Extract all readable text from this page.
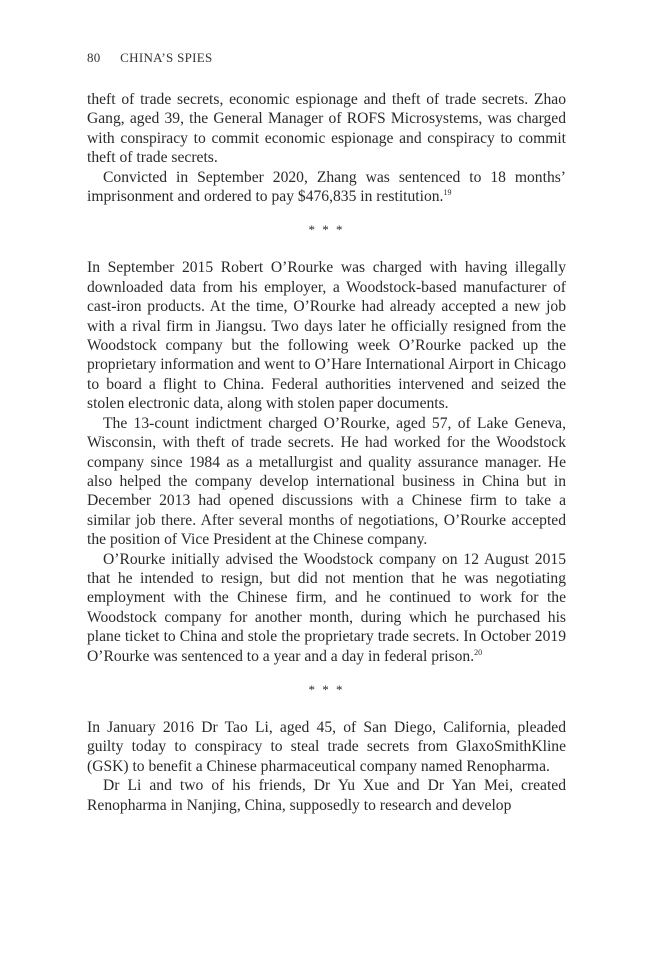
80 CHINA’S SPIES

theft of trade secrets, economic espionage and theft of trade secrets. Zhao Gang, aged 39, the General Manager of ROFS Microsystems, was charged with conspiracy to commit economic espionage and conspiracy to commit theft of trade secrets.

Convicted in September 2020, Zhang was sentenced to 18 months’ imprisonment and ordered to pay $476,835 in restitution.$^{19}$

* * *

In September 2015 Robert O’Rourke was charged with having illegally downloaded data from his employer, a Woodstock-based manufacturer of cast-iron products. At the time, O’Rourke had already accepted a new job with a rival firm in Jiangsu. Two days later he officially resigned from the Woodstock company but the following week O’Rourke packed up the proprietary information and went to O’Hare International Airport in Chicago to board a flight to China. Federal authorities intervened and seized the stolen electronic data, along with stolen paper documents.

The 13-count indictment charged O’Rourke, aged 57, of Lake Geneva, Wisconsin, with theft of trade secrets. He had worked for the Woodstock company since 1984 as a metallurgist and quality assurance manager. He also helped the company develop international business in China but in December 2013 had opened discussions with a Chinese firm to take a similar job there. After several months of negotiations, O’Rourke accepted the position of Vice President at the Chinese company.

O’Rourke initially advised the Woodstock company on 12 August 2015 that he intended to resign, but did not mention that he was negotiating employment with the Chinese firm, and he continued to work for the Woodstock company for another month, during which he purchased his plane ticket to China and stole the proprietary trade secrets. In October 2019 O’Rourke was sentenced to a year and a day in federal prison.$^{20}$

* * *

In January 2016 Dr Tao Li, aged 45, of San Diego, California, pleaded guilty today to conspiracy to steal trade secrets from GlaxoSmithKline (GSK) to benefit a Chinese pharmaceutical company named Renopharma.

Dr Li and two of his friends, Dr Yu Xue and Dr Yan Mei, created Renopharma in Nanjing, China, supposedly to research and develop
